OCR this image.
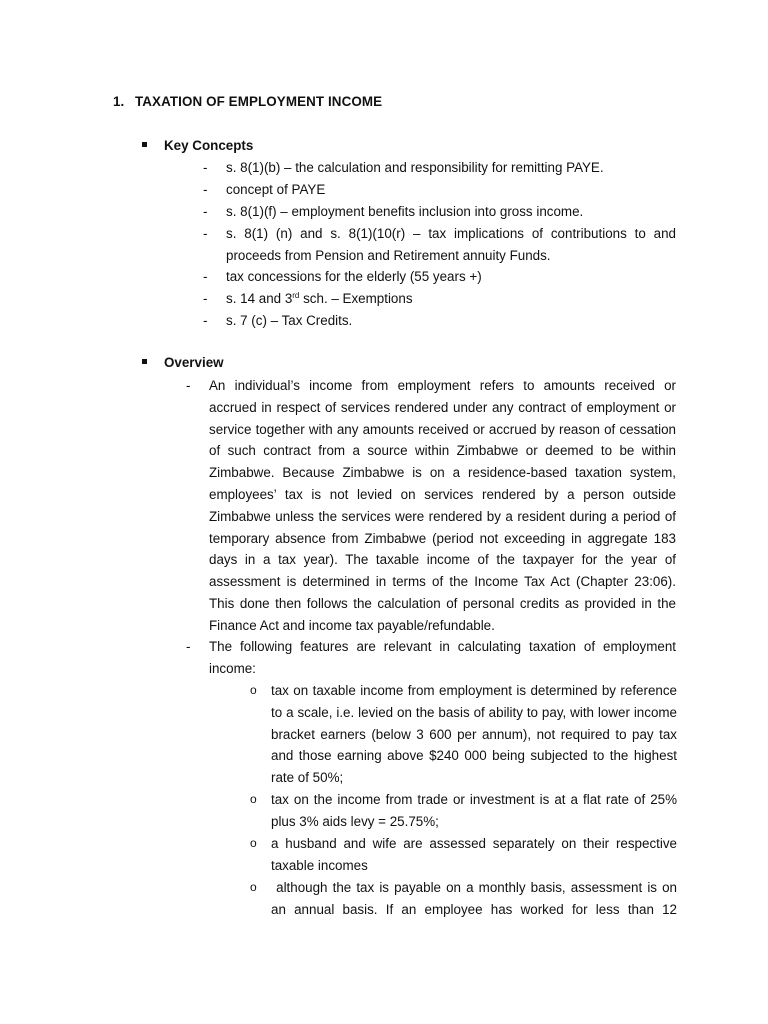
1. TAXATION OF EMPLOYMENT INCOME
Key Concepts
- s. 8(1)(b) – the calculation and responsibility for remitting PAYE.
- concept of PAYE
- s. 8(1)(f) – employment benefits inclusion into gross income.
- s. 8(1) (n) and s. 8(1)(10(r) – tax implications of contributions to and proceeds from Pension and Retirement annuity Funds.
- tax concessions for the elderly (55 years +)
- s. 14 and 3rd sch. – Exemptions
- s. 7 (c) – Tax Credits.
Overview
- An individual’s income from employment refers to amounts received or accrued in respect of services rendered under any contract of employment or service together with any amounts received or accrued by reason of cessation of such contract from a source within Zimbabwe or deemed to be within Zimbabwe. Because Zimbabwe is on a residence-based taxation system, employees’ tax is not levied on services rendered by a person outside Zimbabwe unless the services were rendered by a resident during a period of temporary absence from Zimbabwe (period not exceeding in aggregate 183 days in a tax year). The taxable income of the taxpayer for the year of assessment is determined in terms of the Income Tax Act (Chapter 23:06). This done then follows the calculation of personal credits as provided in the Finance Act and income tax payable/refundable.
- The following features are relevant in calculating taxation of employment income:
o tax on taxable income from employment is determined by reference to a scale, i.e. levied on the basis of ability to pay, with lower income bracket earners (below 3 600 per annum), not required to pay tax and those earning above $240 000 being subjected to the highest rate of 50%;
o tax on the income from trade or investment is at a flat rate of 25% plus 3% aids levy = 25.75%;
o a husband and wife are assessed separately on their respective taxable incomes
o although the tax is payable on a monthly basis, assessment is on an annual basis. If an employee has worked for less than 12
